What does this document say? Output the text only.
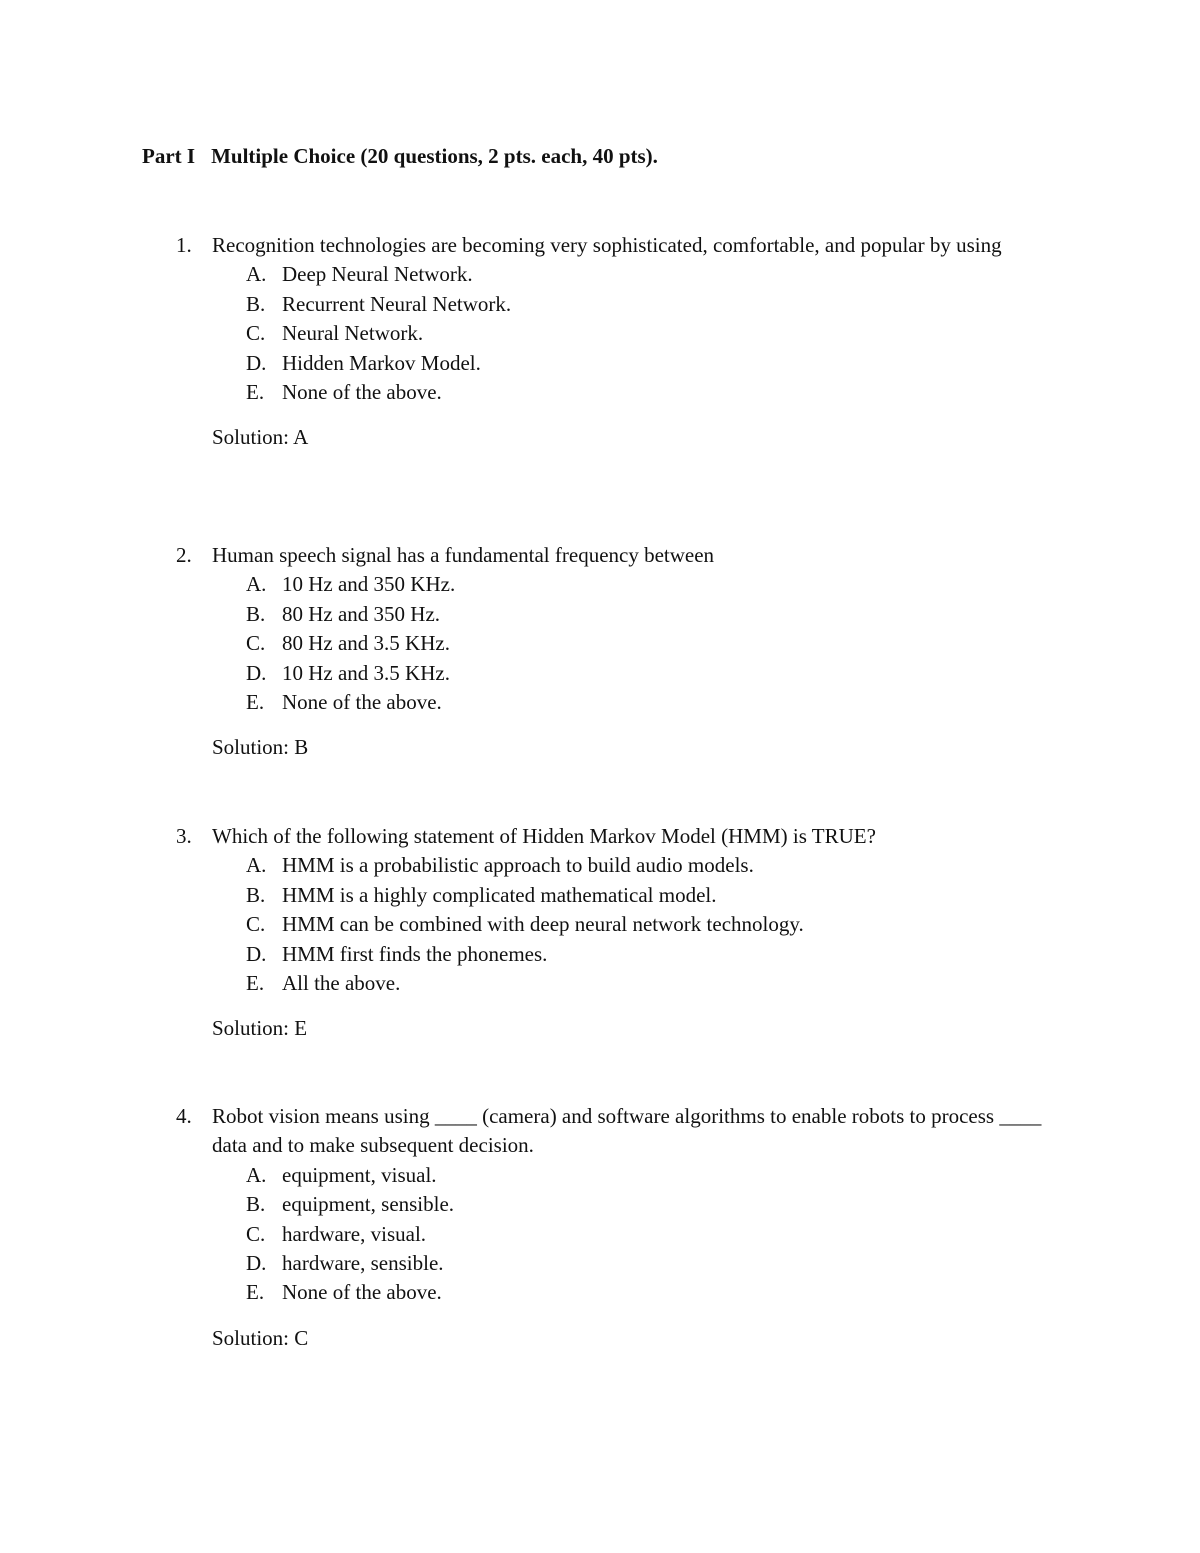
Part I Multiple Choice (20 questions, 2 pts. each, 40 pts).
1. Recognition technologies are becoming very sophisticated, comfortable, and popular by using
A. Deep Neural Network.
B. Recurrent Neural Network.
C. Neural Network.
D. Hidden Markov Model.
E. None of the above.
Solution: A
2. Human speech signal has a fundamental frequency between
A. 10 Hz and 350 KHz.
B. 80 Hz and 350 Hz.
C. 80 Hz and 3.5 KHz.
D. 10 Hz and 3.5 KHz.
E. None of the above.
Solution: B
3. Which of the following statement of Hidden Markov Model (HMM) is TRUE?
A. HMM is a probabilistic approach to build audio models.
B. HMM is a highly complicated mathematical model.
C. HMM can be combined with deep neural network technology.
D. HMM first finds the phonemes.
E. All the above.
Solution: E
4. Robot vision means using ____ (camera) and software algorithms to enable robots to process ____ data and to make subsequent decision.
A. equipment, visual.
B. equipment, sensible.
C. hardware, visual.
D. hardware, sensible.
E. None of the above.
Solution: C
